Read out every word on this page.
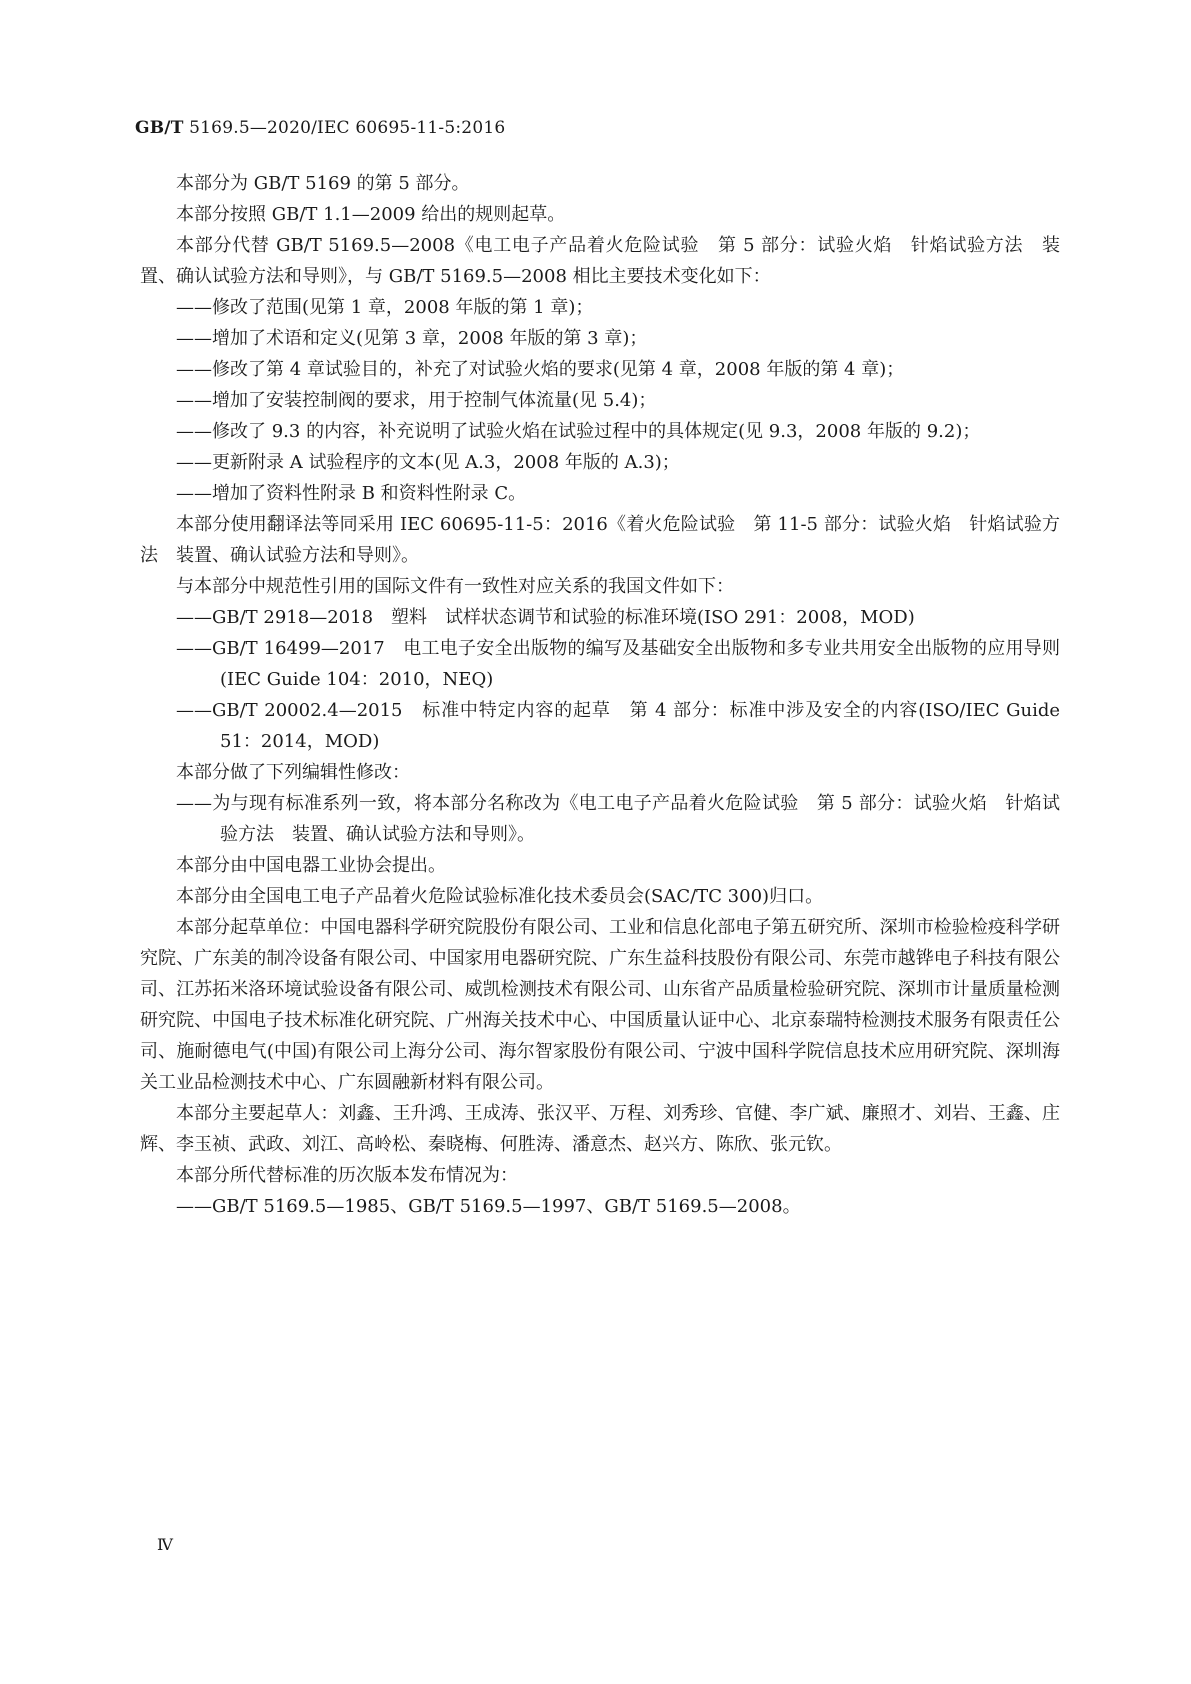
GB/T 5169.5—2020/IEC 60695-11-5:2016

本部分为 GB/T 5169 的第 5 部分。

本部分按照 GB/T 1.1—2009 给出的规则起草。

本部分代替 GB/T 5169.5—2008《电工电子产品着火危险试验　第 5 部分：试验火焰　针焰试验方法　装置、确认试验方法和导则》，与 GB/T 5169.5—2008 相比主要技术变化如下：

——修改了范围(见第 1 章，2008 年版的第 1 章)；

——增加了术语和定义(见第 3 章，2008 年版的第 3 章)；

——修改了第 4 章试验目的，补充了对试验火焰的要求(见第 4 章，2008 年版的第 4 章)；

——增加了安装控制阀的要求，用于控制气体流量(见 5.4)；

——修改了 9.3 的内容，补充说明了试验火焰在试验过程中的具体规定(见 9.3，2008 年版的 9.2)；

——更新附录 A 试验程序的文本(见 A.3，2008 年版的 A.3)；

——增加了资料性附录 B 和资料性附录 C。

本部分使用翻译法等同采用 IEC 60695-11-5：2016《着火危险试验　第 11-5 部分：试验火焰　针焰试验方法　装置、确认试验方法和导则》。

与本部分中规范性引用的国际文件有一致性对应关系的我国文件如下：

——GB/T 2918—2018　塑料　试样状态调节和试验的标准环境(ISO 291：2008，MOD)

——GB/T 16499—2017　电工电子安全出版物的编写及基础安全出版物和多专业共用安全出版物的应用导则(IEC Guide 104：2010，NEQ)

——GB/T 20002.4—2015　标准中特定内容的起草　第 4 部分：标准中涉及安全的内容(ISO/IEC Guide 51：2014，MOD)

本部分做了下列编辑性修改：

——为与现有标准系列一致，将本部分名称改为《电工电子产品着火危险试验　第 5 部分：试验火焰　针焰试验方法　装置、确认试验方法和导则》。

本部分由中国电器工业协会提出。

本部分由全国电工电子产品着火危险试验标准化技术委员会(SAC/TC 300)归口。

本部分起草单位：中国电器科学研究院股份有限公司、工业和信息化部电子第五研究所、深圳市检验检疫科学研究院、广东美的制冷设备有限公司、中国家用电器研究院、广东生益科技股份有限公司、东莞市越铧电子科技有限公司、江苏拓米洛环境试验设备有限公司、威凯检测技术有限公司、山东省产品质量检验研究院、深圳市计量质量检测研究院、中国电子技术标准化研究院、广州海关技术中心、中国质量认证中心、北京泰瑞特检测技术服务有限责任公司、施耐德电气(中国)有限公司上海分公司、海尔智家股份有限公司、宁波中国科学院信息技术应用研究院、深圳海关工业品检测技术中心、广东圆融新材料有限公司。

本部分主要起草人：刘鑫、王升鸿、王成涛、张汉平、万程、刘秀珍、官健、李广斌、廉照才、刘岩、王鑫、庄辉、李玉祯、武政、刘江、高岭松、秦晓梅、何胜涛、潘意杰、赵兴方、陈欣、张元钦。

本部分所代替标准的历次版本发布情况为：

——GB/T 5169.5—1985、GB/T 5169.5—1997、GB/T 5169.5—2008。

Ⅳ
